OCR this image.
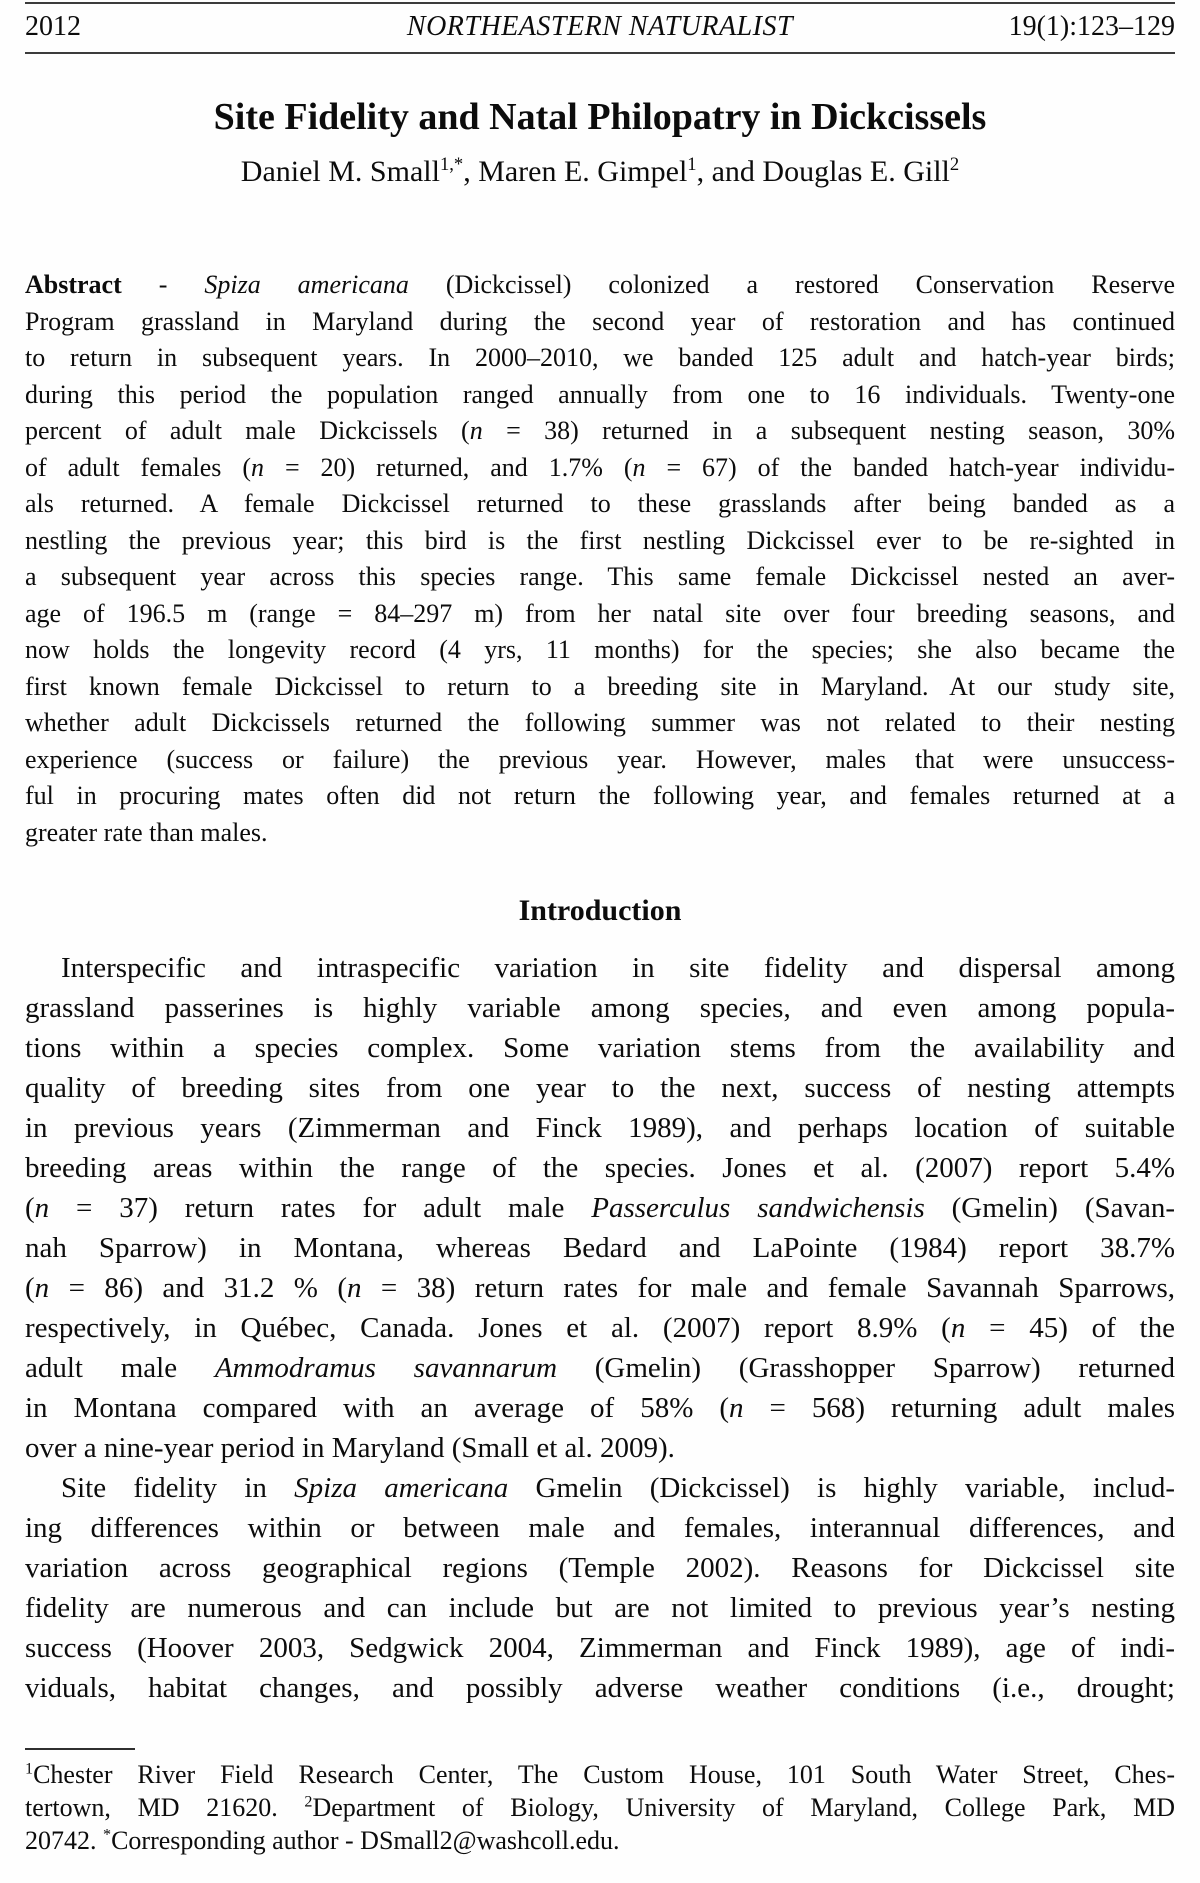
2012	NORTHEASTERN NATURALIST	19(1):123–129
Site Fidelity and Natal Philopatry in Dickcissels
Daniel M. Small$^{1,*}$, Maren E. Gimpel$^1$, and Douglas E. Gill$^2$
Abstract - Spiza americana (Dickcissel) colonized a restored Conservation Reserve
Program grassland in Maryland during the second year of restoration and has continued
to return in subsequent years. In 2000–2010, we banded 125 adult and hatch-year birds;
during this period the population ranged annually from one to 16 individuals. Twenty-one
percent of adult male Dickcissels (n = 38) returned in a subsequent nesting season, 30%
of adult females (n = 20) returned, and 1.7% (n = 67) of the banded hatch-year individu-
als returned. A female Dickcissel returned to these grasslands after being banded as a
nestling the previous year; this bird is the first nestling Dickcissel ever to be re-sighted in
a subsequent year across this species range. This same female Dickcissel nested an aver-
age of 196.5 m (range = 84–297 m) from her natal site over four breeding seasons, and
now holds the longevity record (4 yrs, 11 months) for the species; she also became the
first known female Dickcissel to return to a breeding site in Maryland. At our study site,
whether adult Dickcissels returned the following summer was not related to their nesting
experience (success or failure) the previous year. However, males that were unsuccess-
ful in procuring mates often did not return the following year, and females returned at a
greater rate than males.
Introduction
Interspecific and intraspecific variation in site fidelity and dispersal among
grassland passerines is highly variable among species, and even among popula-
tions within a species complex. Some variation stems from the availability and
quality of breeding sites from one year to the next, success of nesting attempts
in previous years (Zimmerman and Finck 1989), and perhaps location of suitable
breeding areas within the range of the species. Jones et al. (2007) report 5.4%
(n = 37) return rates for adult male Passerculus sandwichensis (Gmelin) (Savan-
nah Sparrow) in Montana, whereas Bedard and LaPointe (1984) report 38.7%
(n = 86) and 31.2 % (n = 38) return rates for male and female Savannah Sparrows,
respectively, in Québec, Canada. Jones et al. (2007) report 8.9% (n = 45) of the
adult male Ammodramus savannarum (Gmelin) (Grasshopper Sparrow) returned
in Montana compared with an average of 58% (n = 568) returning adult males
over a nine-year period in Maryland (Small et al. 2009).
Site fidelity in Spiza americana Gmelin (Dickcissel) is highly variable, includ-
ing differences within or between male and females, interannual differences, and
variation across geographical regions (Temple 2002). Reasons for Dickcissel site
fidelity are numerous and can include but are not limited to previous year’s nesting
success (Hoover 2003, Sedgwick 2004, Zimmerman and Finck 1989), age of indi-
viduals, habitat changes, and possibly adverse weather conditions (i.e., drought;
$^1$Chester River Field Research Center, The Custom House, 101 South Water Street, Ches-
tertown, MD 21620. $^2$Department of Biology, University of Maryland, College Park, MD
20742. *Corresponding author - DSmall2@washcoll.edu.
